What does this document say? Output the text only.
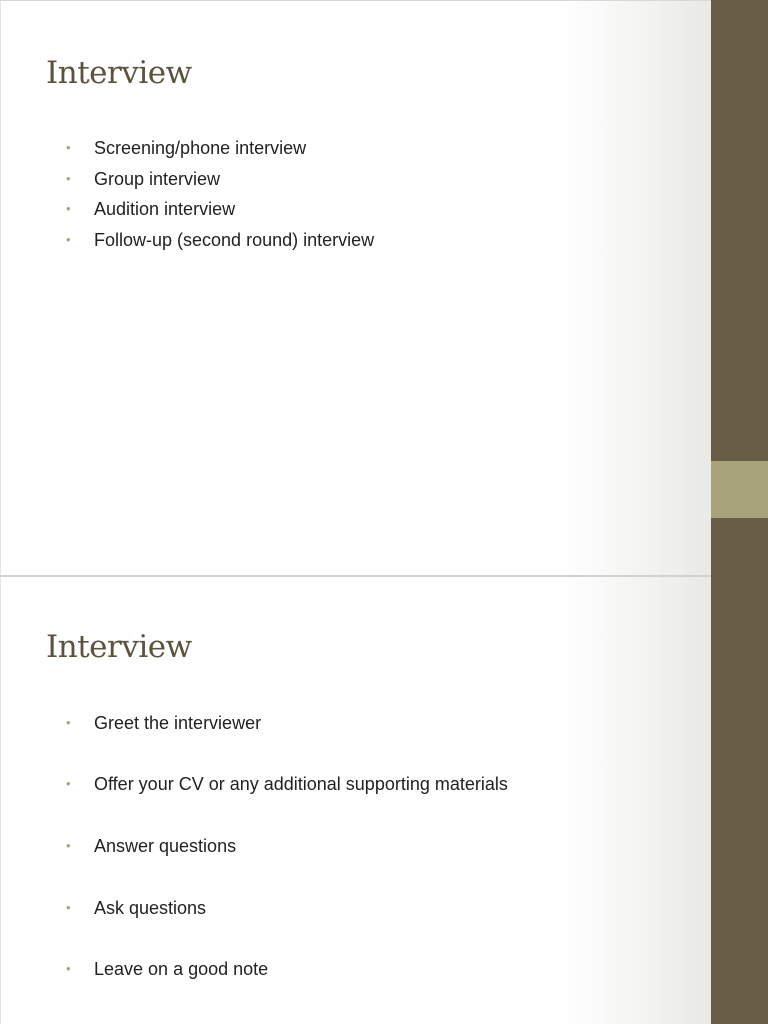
Interview
• Screening/phone interview
• Group interview
• Audition interview
• Follow-up (second round) interview
Interview
• Greet the interviewer
• Offer your CV or any additional supporting materials
• Answer questions
• Ask questions
• Leave on a good note
